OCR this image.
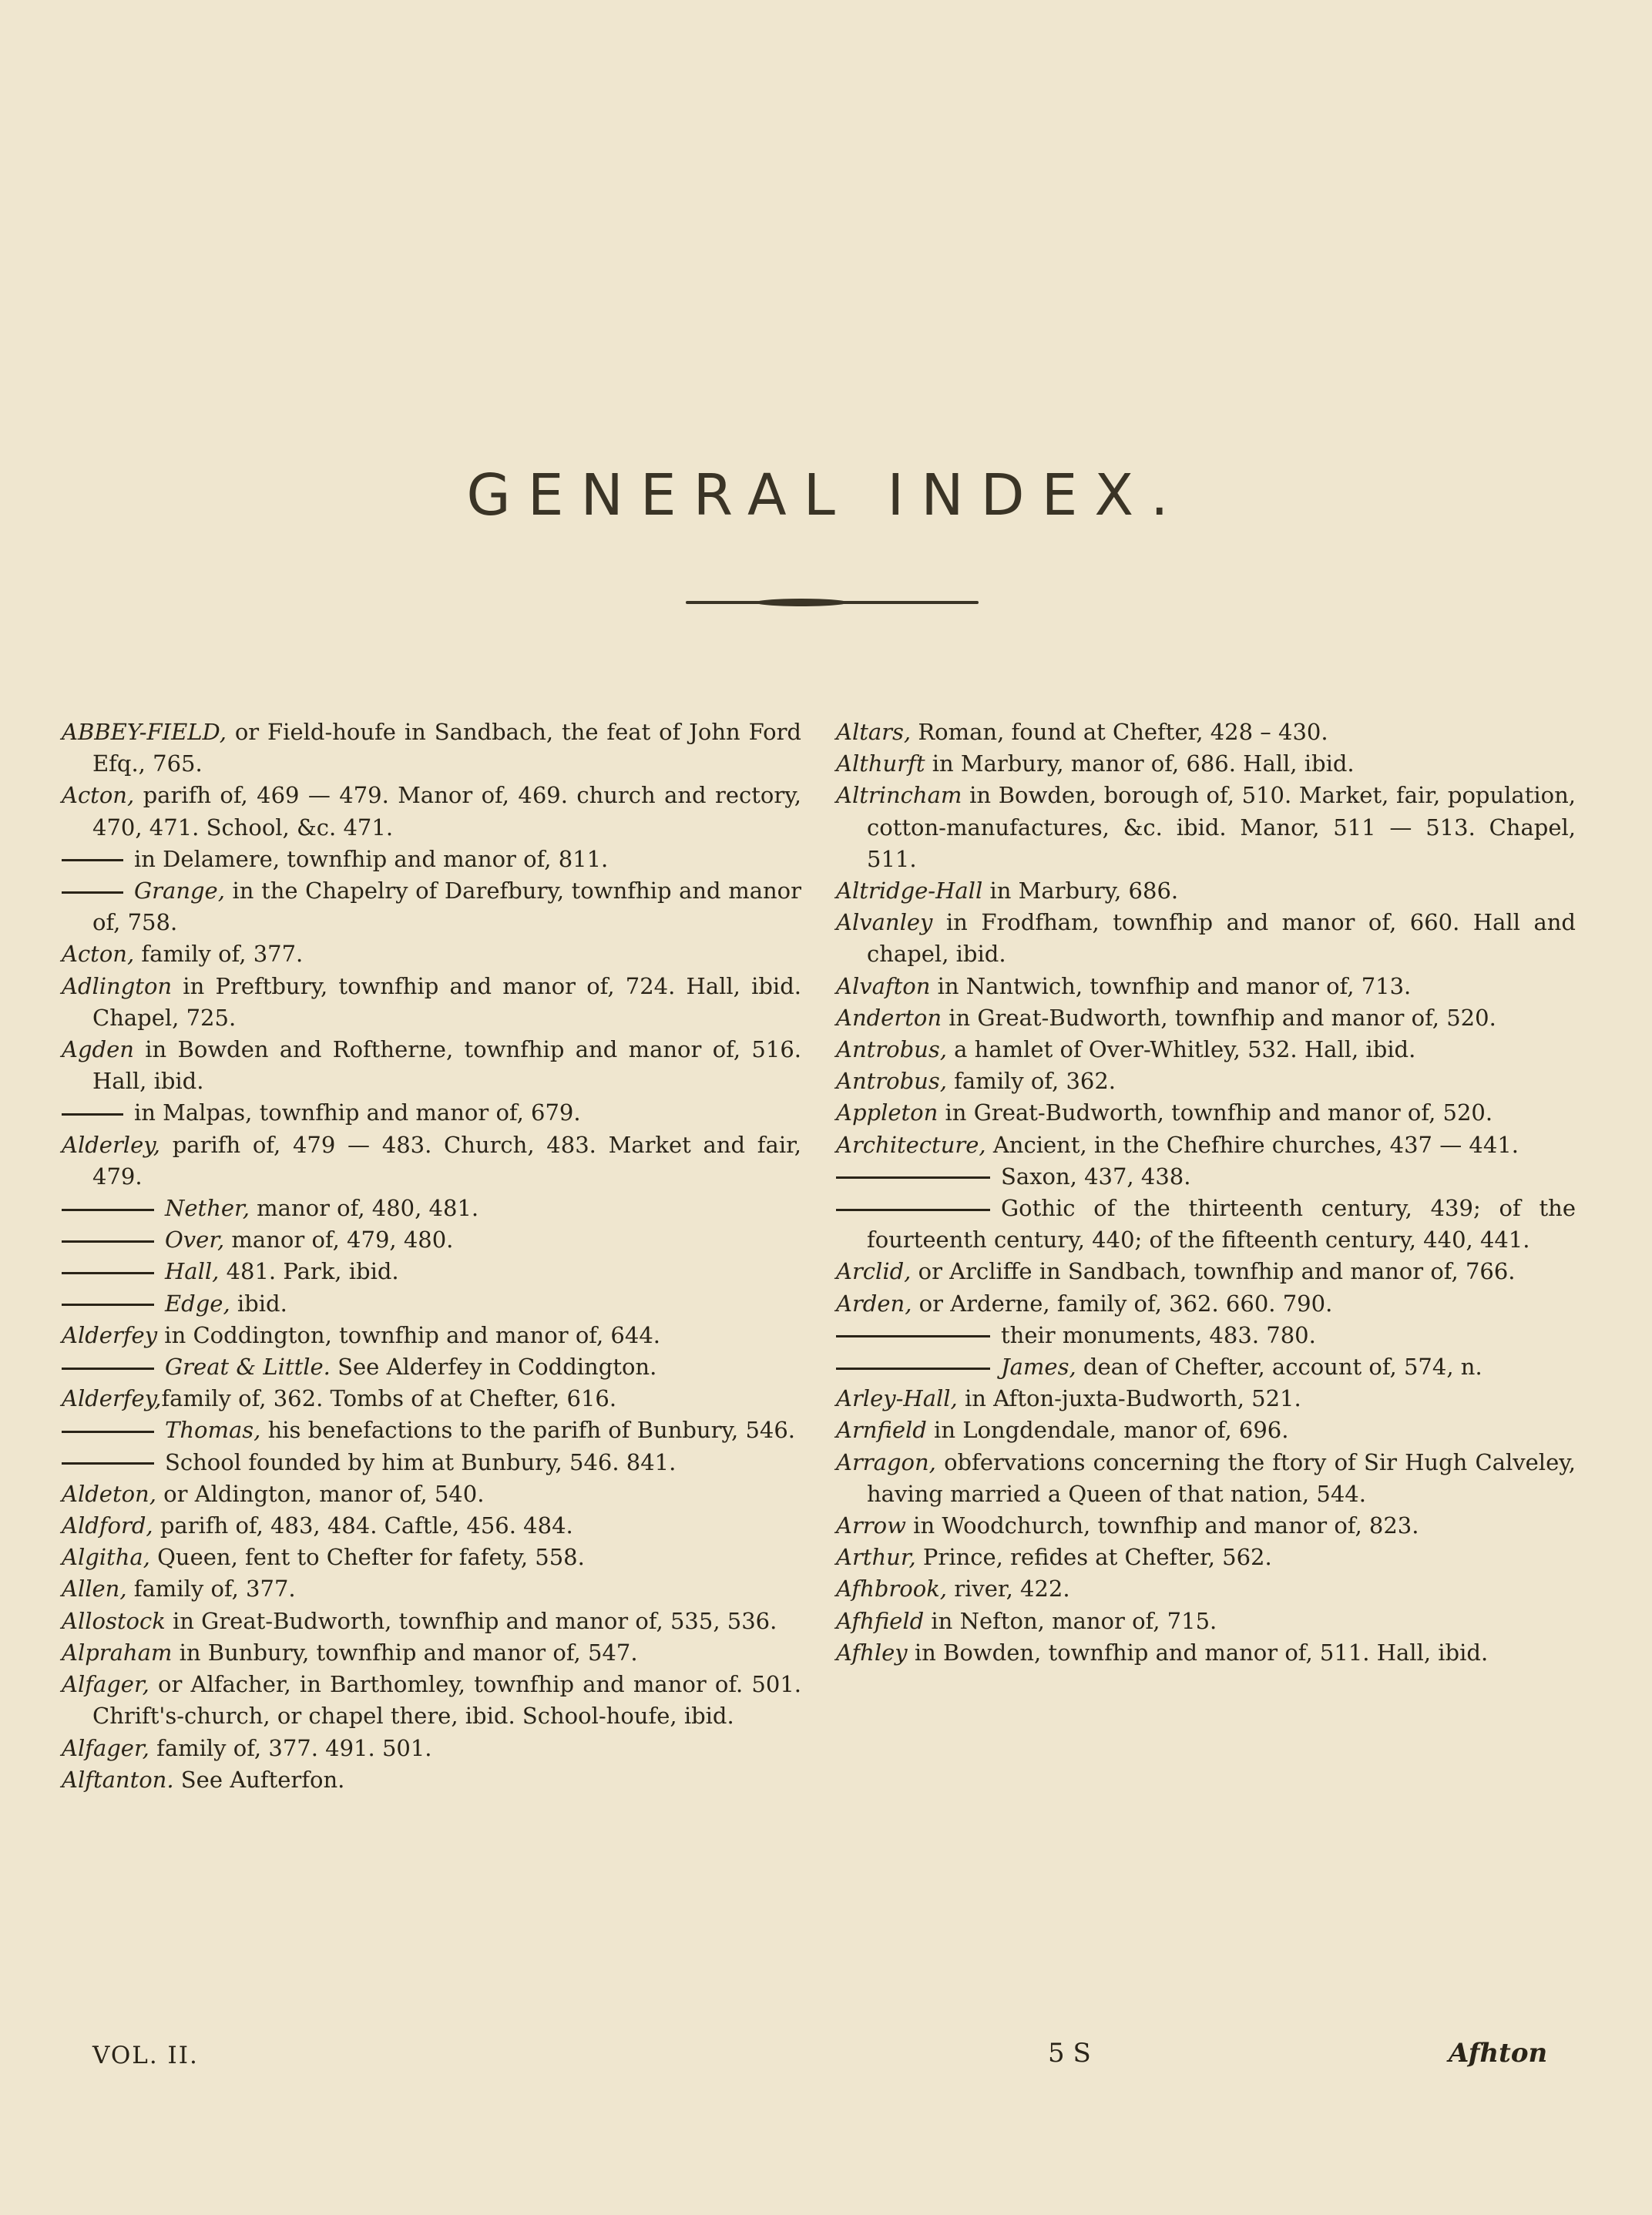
GENERAL INDEX.

ABBEY-FIELD, or Field-houfe in Sandbach, the feat of John Ford Efq., 765.

Acton, parifh of, 469 — 479. Manor of, 469. church and rectory, 470, 471. School, &c. 471.

in Delamere, townfhip and manor of, 811.

Grange, in the Chapelry of Darefbury, townfhip and manor of, 758.

Acton, family of, 377.

Adlington in Preftbury, townfhip and manor of, 724. Hall, ibid. Chapel, 725.

Agden in Bowden and Roftherne, townfhip and manor of, 516. Hall, ibid.

in Malpas, townfhip and manor of, 679.

Alderley, parifh of, 479 — 483. Church, 483. Market and fair, 479.

Nether, manor of, 480, 481.

Over, manor of, 479, 480.

Hall, 481. Park, ibid.

Edge, ibid.

Alderfey in Coddington, townfhip and manor of, 644.

Great & Little. See Alderfey in Coddington.

Alderfey,family of, 362. Tombs of at Chefter, 616.

Thomas, his benefactions to the parifh of Bunbury, 546.

School founded by him at Bunbury, 546. 841.

Aldeton, or Aldington, manor of, 540.

Aldford, parifh of, 483, 484. Caftle, 456. 484.

Algitha, Queen, fent to Chefter for fafety, 558.

Allen, family of, 377.

Allostock in Great-Budworth, townfhip and manor of, 535, 536.

Alpraham in Bunbury, townfhip and manor of, 547.

Alfager, or Alfacher, in Barthomley, townfhip and manor of. 501. Chrift's-church, or chapel there, ibid. School-houfe, ibid.

Alfager, family of, 377. 491. 501.

Alftanton. See Aufterfon.

Altars, Roman, found at Chefter, 428 – 430.

Althurft in Marbury, manor of, 686. Hall, ibid.

Altrincham in Bowden, borough of, 510. Market, fair, population, cotton-manufactures, &c. ibid. Manor, 511 — 513. Chapel, 511.

Altridge-Hall in Marbury, 686.

Alvanley in Frodfham, townfhip and manor of, 660. Hall and chapel, ibid.

Alvafton in Nantwich, townfhip and manor of, 713.

Anderton in Great-Budworth, townfhip and manor of, 520.

Antrobus, a hamlet of Over-Whitley, 532. Hall, ibid.

Antrobus, family of, 362.

Appleton in Great-Budworth, townfhip and manor of, 520.

Architecture, Ancient, in the Chefhire churches, 437 — 441.

Saxon, 437, 438.

Gothic of the thirteenth century, 439; of the fourteenth century, 440; of the fifteenth century, 440, 441.

Arclid, or Arcliffe in Sandbach, townfhip and manor of, 766.

Arden, or Arderne, family of, 362. 660. 790.

their monuments, 483. 780.

James, dean of Chefter, account of, 574, n.

Arley-Hall, in Afton-juxta-Budworth, 521.

Arnfield in Longdendale, manor of, 696.

Arragon, obfervations concerning the ftory of Sir Hugh Calveley, having married a Queen of that nation, 544.

Arrow in Woodchurch, townfhip and manor of, 823.

Arthur, Prince, refides at Chefter, 562.

Afhbrook, river, 422.

Afhfield in Nefton, manor of, 715.

Afhley in Bowden, townfhip and manor of, 511. Hall, ibid.

VOL. II.	5 S	Afhton
